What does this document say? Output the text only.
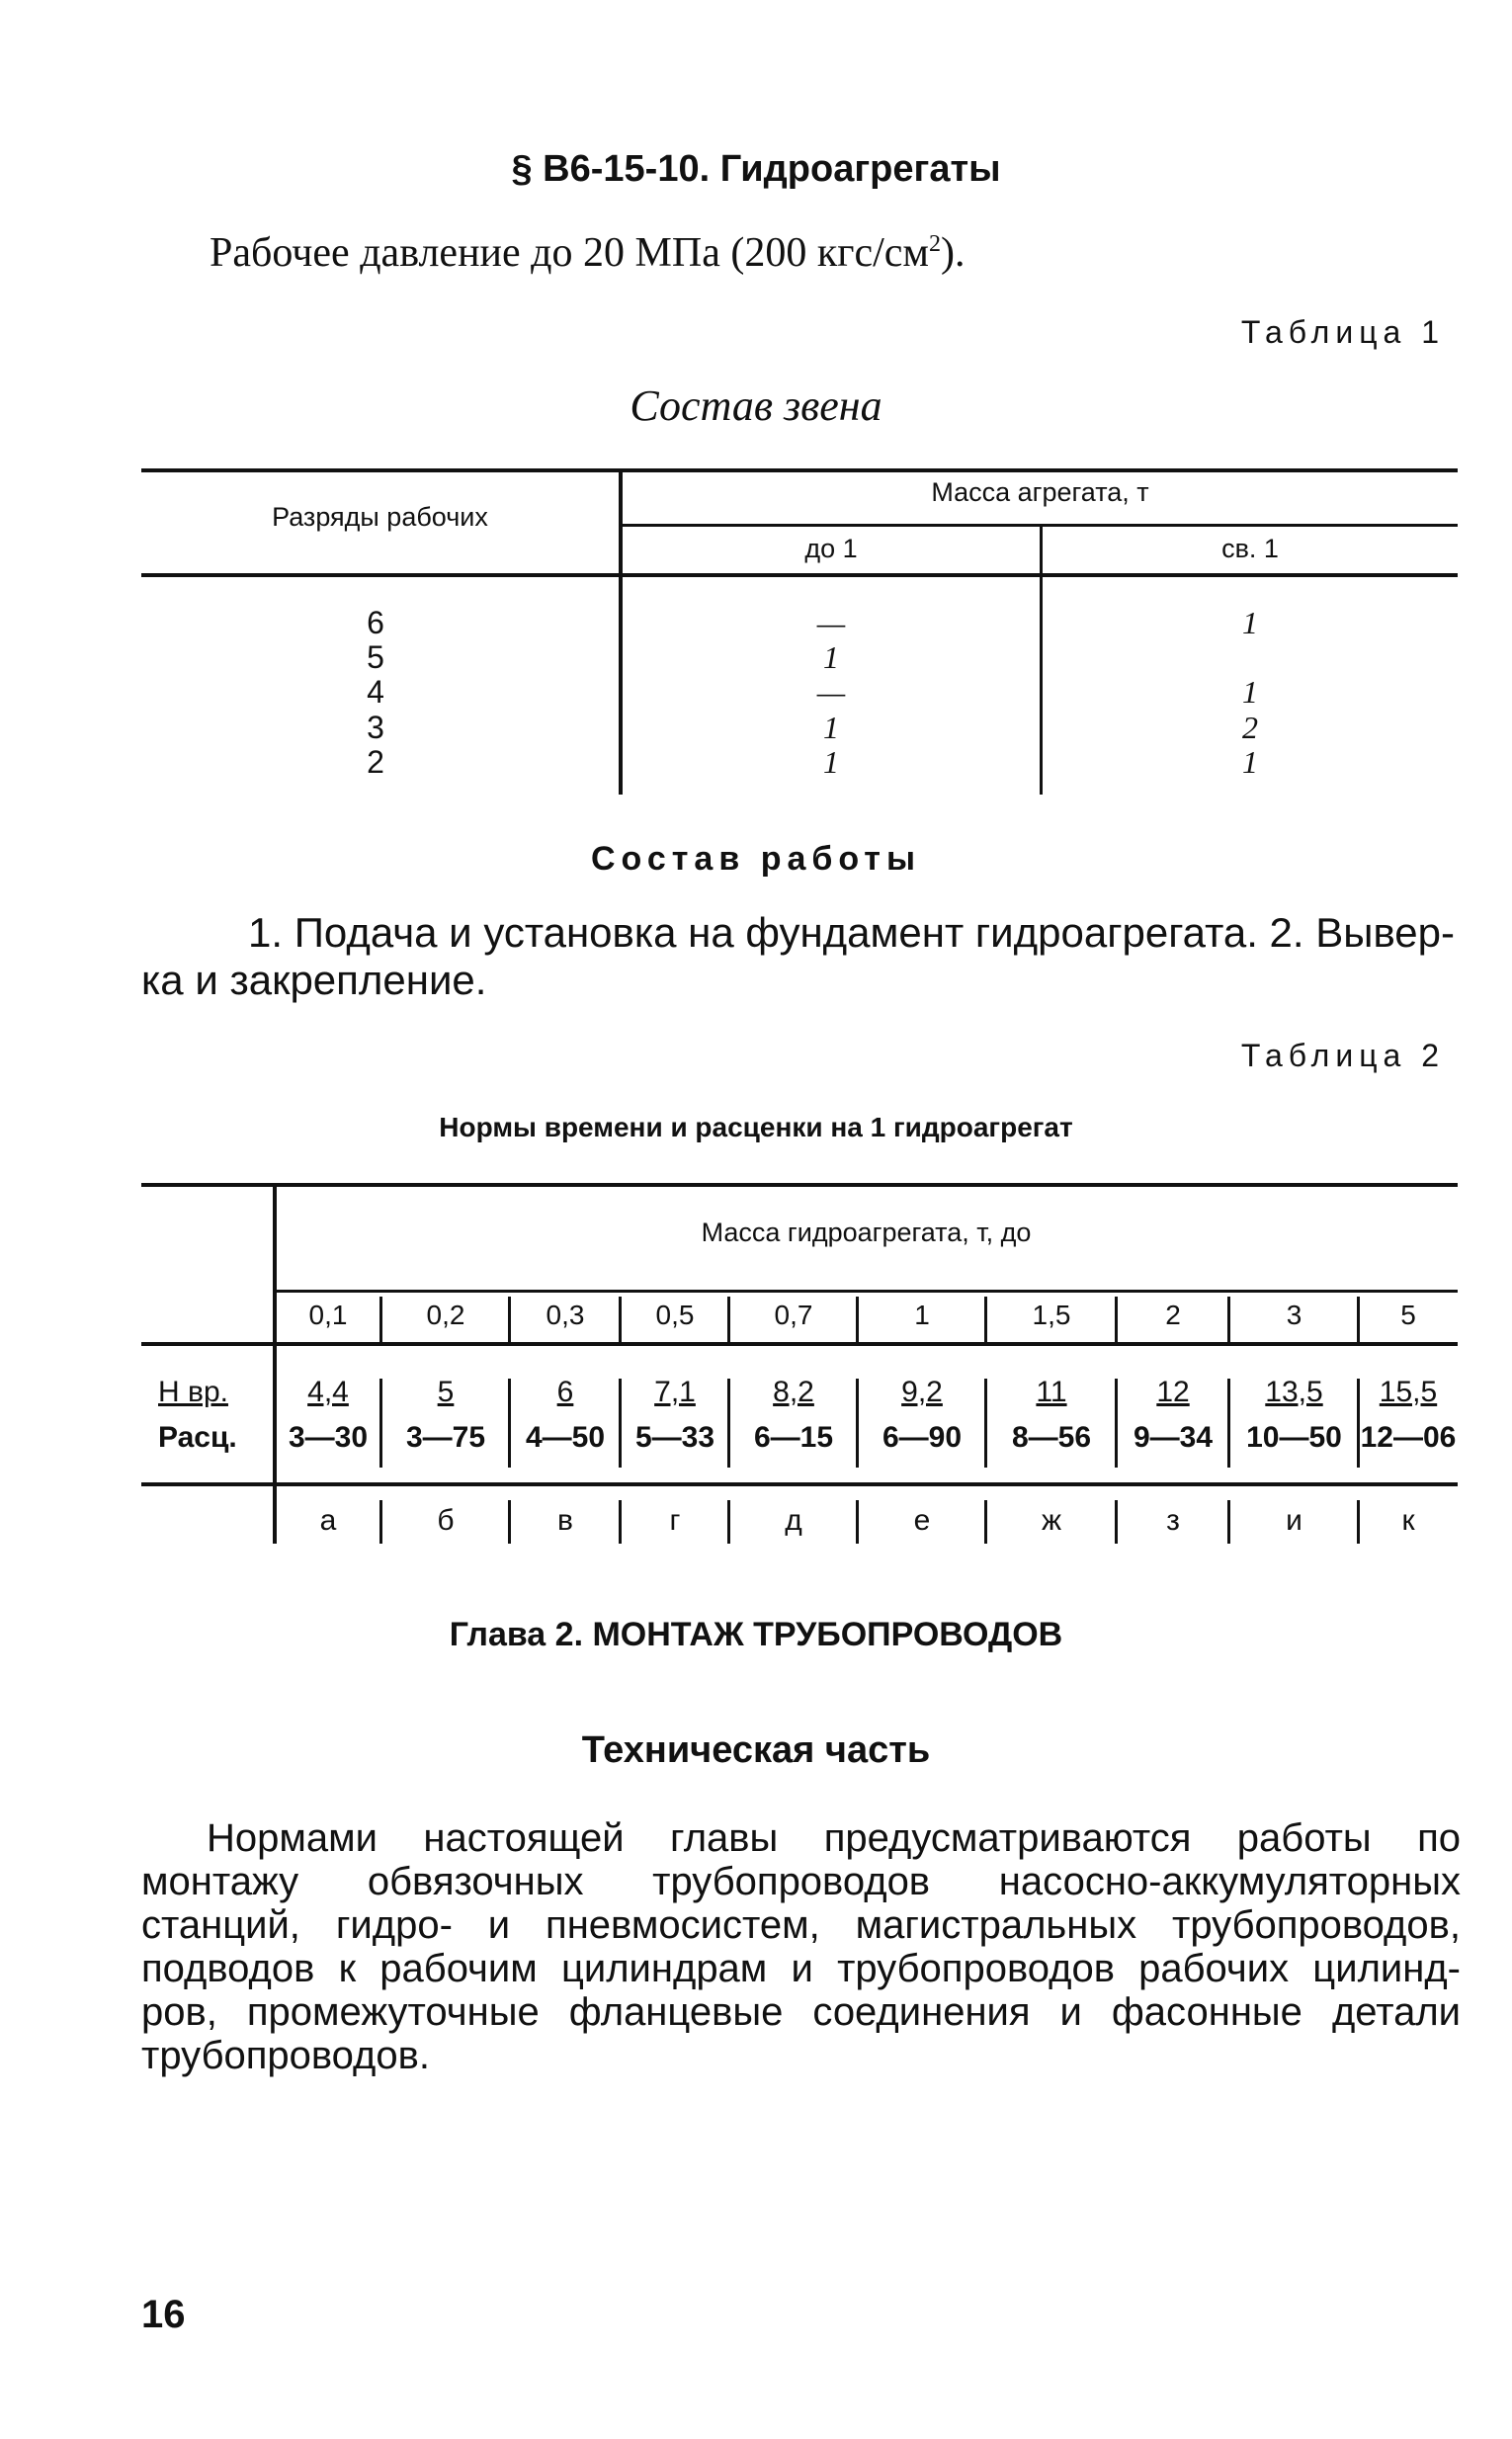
§ В6-15-10. Гидроагрегаты
Рабочее давление до 20 МПа (200 кгс/$см^2$).
Таблица 1
Состав звена
Разряды рабочих
Масса агрегата, т
до 1	св. 1
6
5
4
3
2
—
1
—
1
1
1
1
2
1
Состав работы
1. Подача и установка на фундамент гидроагрегата. 2. Вывер-
ка и закрепление.
Таблица 2
Нормы времени и расценки на 1 гидроагрегат
Масса гидроагрегата, т, до
Н вр.
Расц.
0,1
4,4
3—30
а
0,2
5
3—75
б
0,3
6
4—50
в
0,5
7,1
5—33
г
0,7
8,2
6—15
д
1
9,2
6—90
е
1,5
11
8—56
ж
2
12
9—34
з
3
13,5
10—50
и
5
15,5
12—06
к
Глава 2. МОНТАЖ ТРУБОПРОВОДОВ
Техническая часть

Нормами настоящей главы предусматриваются работы по

монтажу обвязочных трубопроводов насосно-аккумуляторных

станций, гидро- и пневмосистем, магистральных трубопроводов,

подводов к рабочим цилиндрам и трубопроводов рабочих цилинд-

ров, промежуточные фланцевые соединения и фасонные детали

трубопроводов.

16
